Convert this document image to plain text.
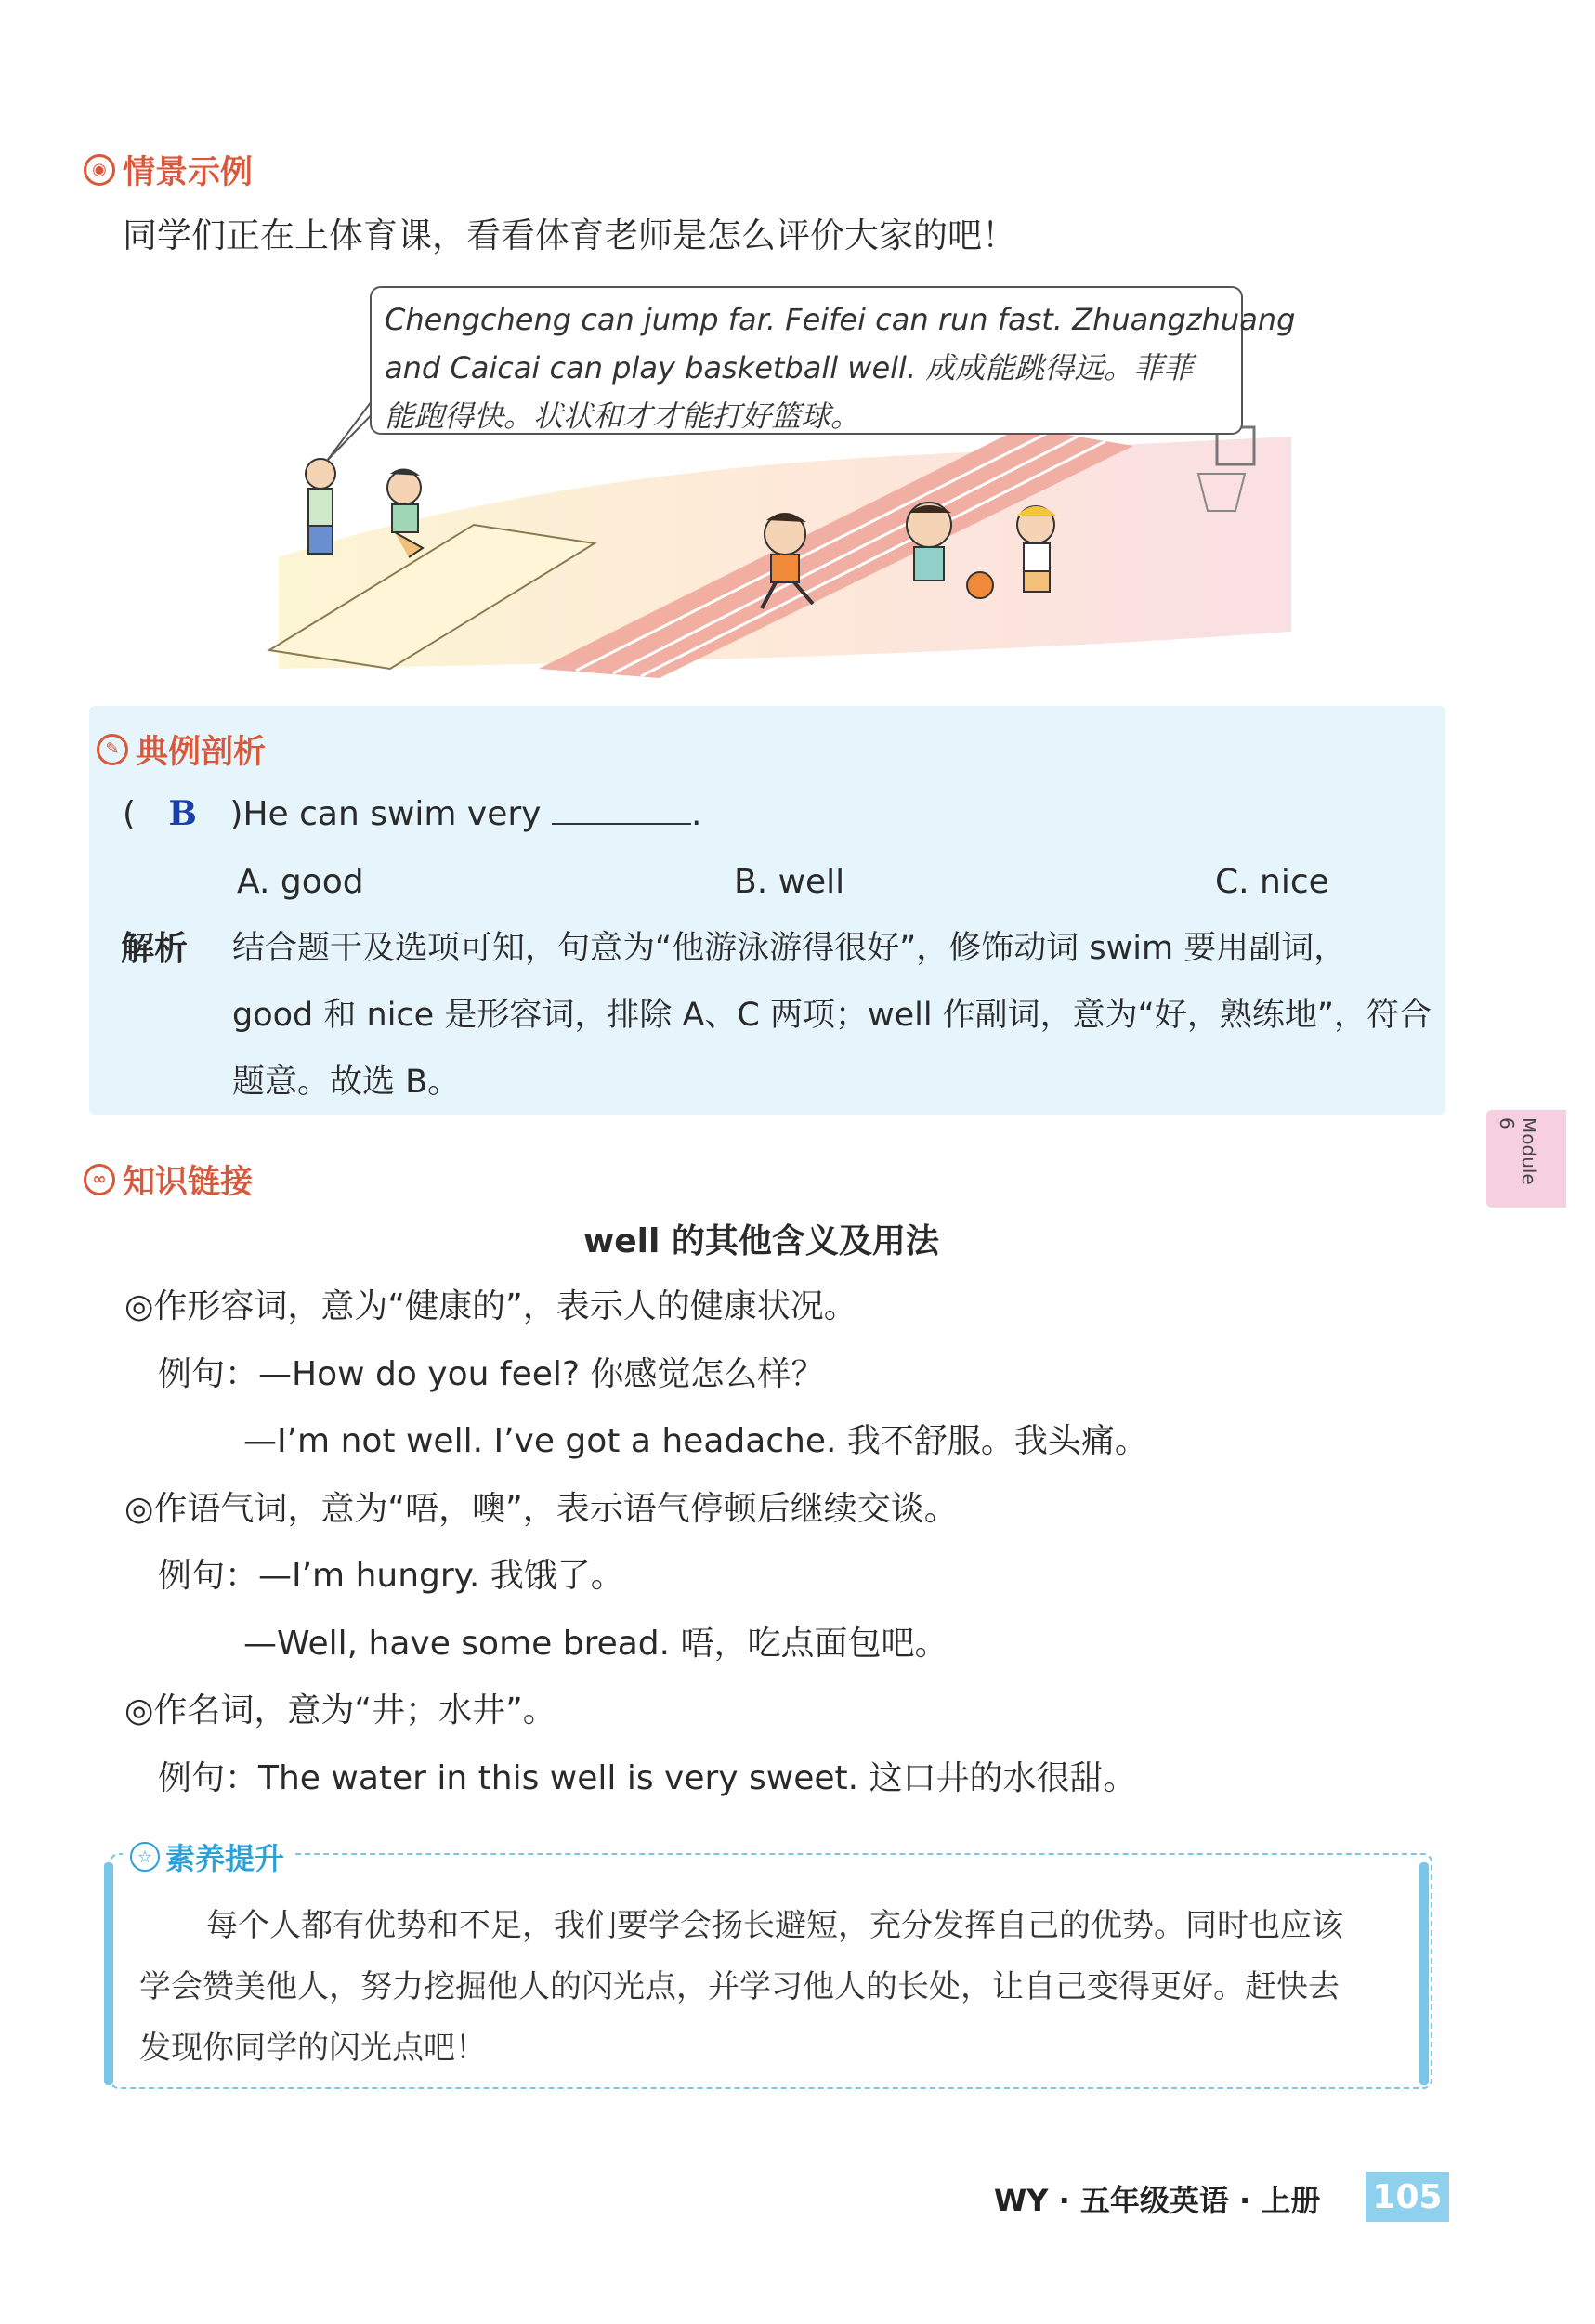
◉ 情景示例
同学们正在上体育课，看看体育老师是怎么评价大家的吧！

Chengcheng can jump far. Feifei can run fast. Zhuangzhuang

and Caicai can play basketball well. 成成能跳得远。菲菲

能跑得快。状状和才才能打好篮球。

✎ 典例剖析
( B )He can swim very	.
A. good	B. well	C. nice
解析 结合题干及选项可知，句意为“他游泳游得很好”，修饰动词 swim 要用副词，
good 和 nice 是形容词，排除 A、C 两项；well 作副词，意为“好，熟练地”，符合
题意。故选 B。
Module 6
∞ 知识链接
well 的其他含义及用法
◎作形容词，意为“健康的”，表示人的健康状况。
例句：—How do you feel? 你感觉怎么样？
—I’m not well. I’ve got a headache. 我不舒服。我头痛。
◎作语气词，意为“唔，噢”，表示语气停顿后继续交谈。
例句：—I’m hungry. 我饿了。
—Well, have some bread. 唔，吃点面包吧。
◎作名词，意为“井；水井”。
例句：The water in this well is very sweet. 这口井的水很甜。
☆ 素养提升

每个人都有优势和不足，我们要学会扬长避短，充分发挥自己的优势。同时也应该

学会赞美他人，努力挖掘他人的闪光点，并学习他人的长处，让自己变得更好。赶快去

发现你同学的闪光点吧！

WY · 五年级英语 · 上册 105
